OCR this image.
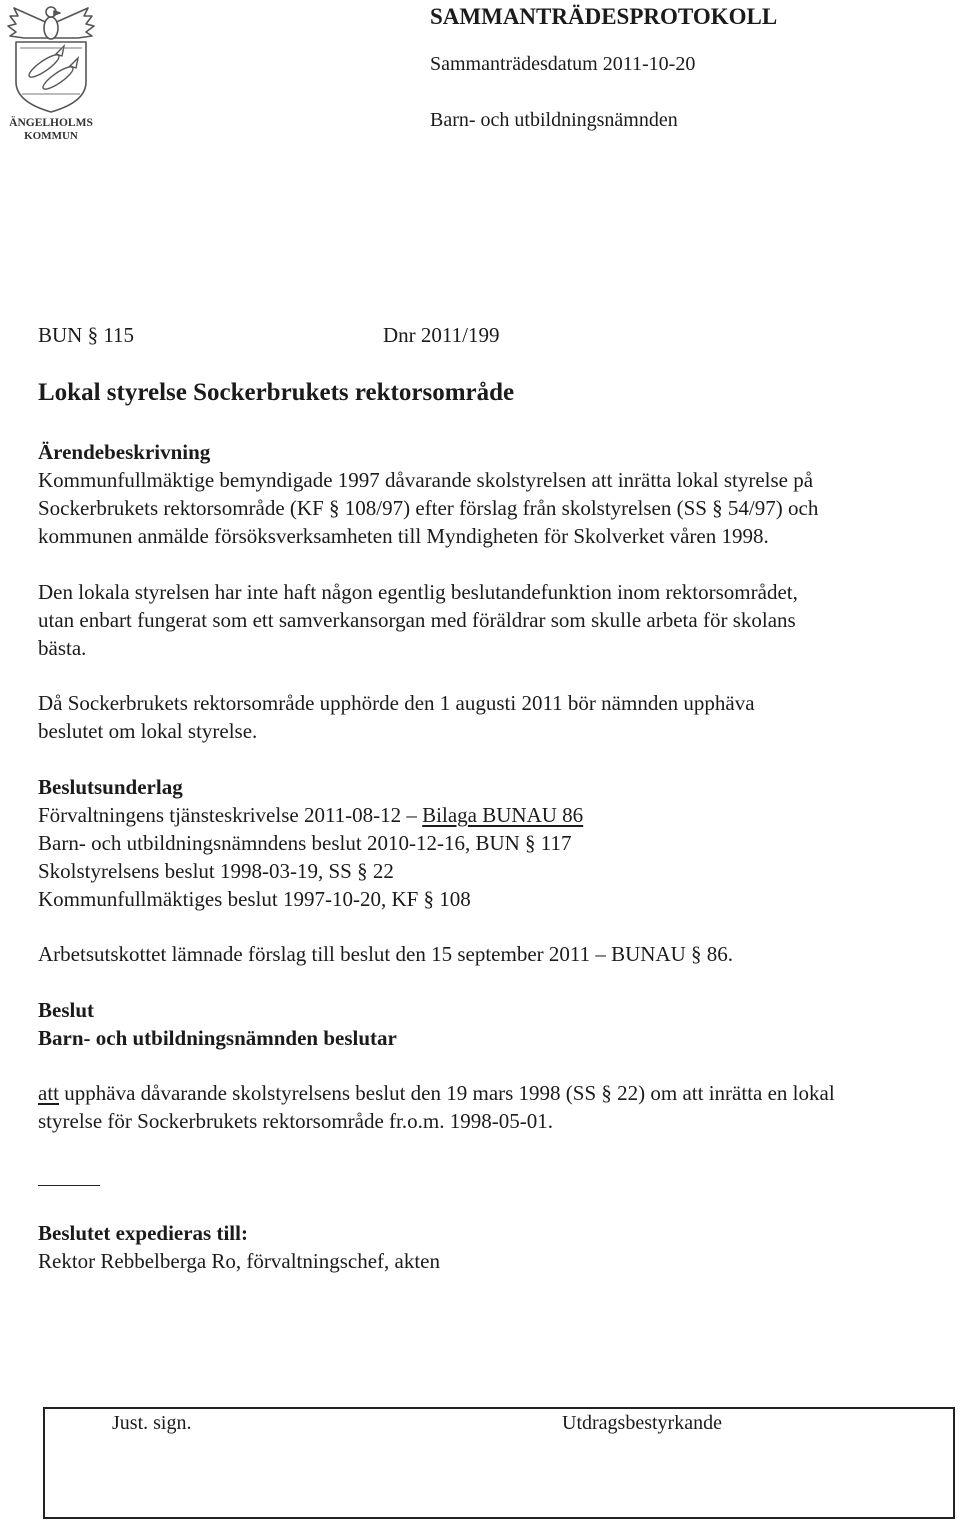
ÄNGELHOLMS
KOMMUN
SAMMANTRÄDESPROTOKOLL
Sammanträdesdatum 2011-10-20
Barn- och utbildningsnämnden
BUN § 115	Dnr 2011/199
Lokal styrelse Sockerbrukets rektorsområde
Ärendebeskrivning
Kommunfullmäktige bemyndigade 1997 dåvarande skolstyrelsen att inrätta lokal styrelse på
Sockerbrukets rektorsområde (KF § 108/97) efter förslag från skolstyrelsen (SS § 54/97) och
kommunen anmälde försöksverksamheten till Myndigheten för Skolverket våren 1998.
Den lokala styrelsen har inte haft någon egentlig beslutandefunktion inom rektorsområdet,
utan enbart fungerat som ett samverkansorgan med föräldrar som skulle arbeta för skolans
bästa.
Då Sockerbrukets rektorsområde upphörde den 1 augusti 2011 bör nämnden upphäva
beslutet om lokal styrelse.
Beslutsunderlag
Förvaltningens tjänsteskrivelse 2011-08-12 – Bilaga BUNAU 86
Barn- och utbildningsnämndens beslut 2010-12-16, BUN § 117
Skolstyrelsens beslut 1998-03-19, SS § 22
Kommunfullmäktiges beslut 1997-10-20, KF § 108
Arbetsutskottet lämnade förslag till beslut den 15 september 2011 – BUNAU § 86.
Beslut
Barn- och utbildningsnämnden beslutar
att upphäva dåvarande skolstyrelsens beslut den 19 mars 1998 (SS § 22) om att inrätta en lokal
styrelse för Sockerbrukets rektorsområde fr.o.m. 1998-05-01.
Beslutet expedieras till:
Rektor Rebbelberga Ro, förvaltningschef, akten
Just. sign.	Utdragsbestyrkande
